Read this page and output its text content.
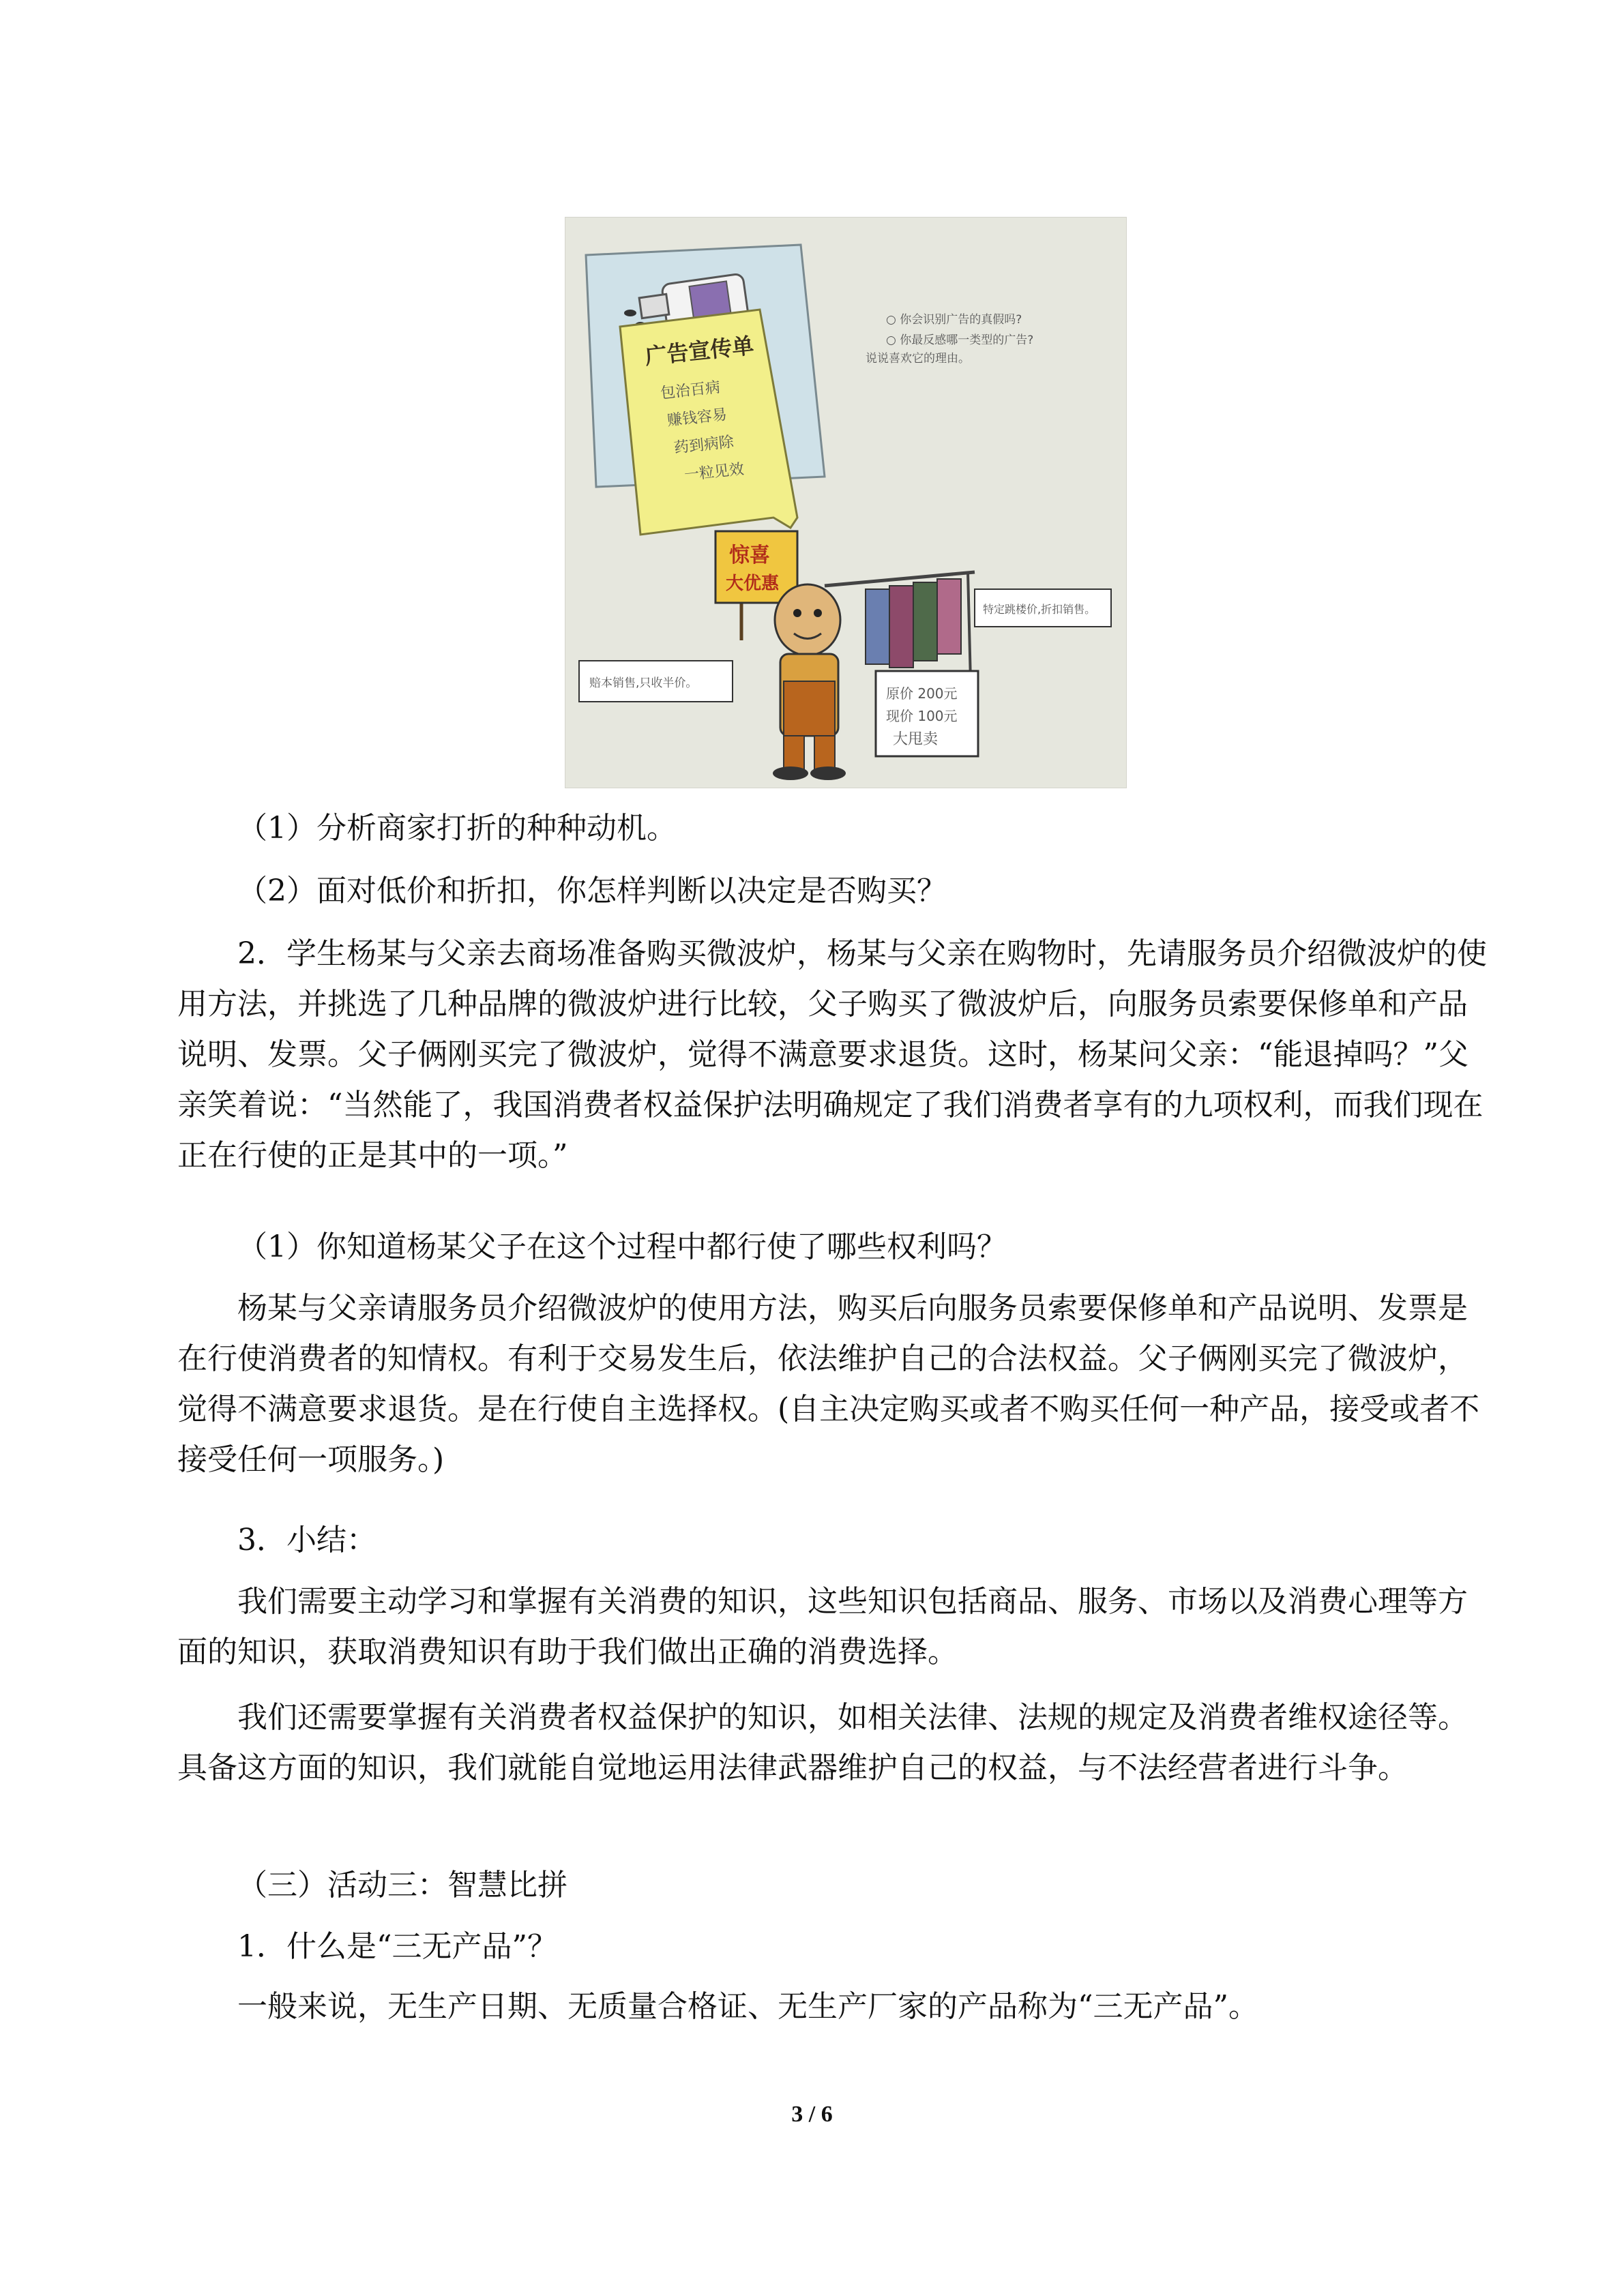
广告宣传单
包治百病
赚钱容易
药到病除
一粒见效
○ 你会识别广告的真假吗?
○ 你最反感哪一类型的广告?
说说喜欢它的理由。
惊喜
大优惠
原价 200元
现价 100元
大甩卖
赔本销售,只收半价。
特定跳楼价,折扣销售。

（1）分析商家打折的种种动机。

（2）面对低价和折扣，你怎样判断以决定是否购买？

2．学生杨某与父亲去商场准备购买微波炉，杨某与父亲在购物时，先请服务员介绍微波炉的使用方法，并挑选了几种品牌的微波炉进行比较，父子购买了微波炉后，向服务员索要保修单和产品说明、发票。父子俩刚买完了微波炉，觉得不满意要求退货。这时，杨某问父亲：“能退掉吗？”父亲笑着说：“当然能了，我国消费者权益保护法明确规定了我们消费者享有的九项权利，而我们现在正在行使的正是其中的一项。”

（1）你知道杨某父子在这个过程中都行使了哪些权利吗？

杨某与父亲请服务员介绍微波炉的使用方法，购买后向服务员索要保修单和产品说明、发票是在行使消费者的知情权。有利于交易发生后，依法维护自己的合法权益。父子俩刚买完了微波炉，觉得不满意要求退货。是在行使自主选择权。(自主决定购买或者不购买任何一种产品，接受或者不接受任何一项服务。)

3．小结：

我们需要主动学习和掌握有关消费的知识，这些知识包括商品、服务、市场以及消费心理等方面的知识，获取消费知识有助于我们做出正确的消费选择。

我们还需要掌握有关消费者权益保护的知识，如相关法律、法规的规定及消费者维权途径等。具备这方面的知识，我们就能自觉地运用法律武器维护自己的权益，与不法经营者进行斗争。

（三）活动三：智慧比拼

1．什么是“三无产品”？

一般来说，无生产日期、无质量合格证、无生产厂家的产品称为“三无产品”。

3 / 6
